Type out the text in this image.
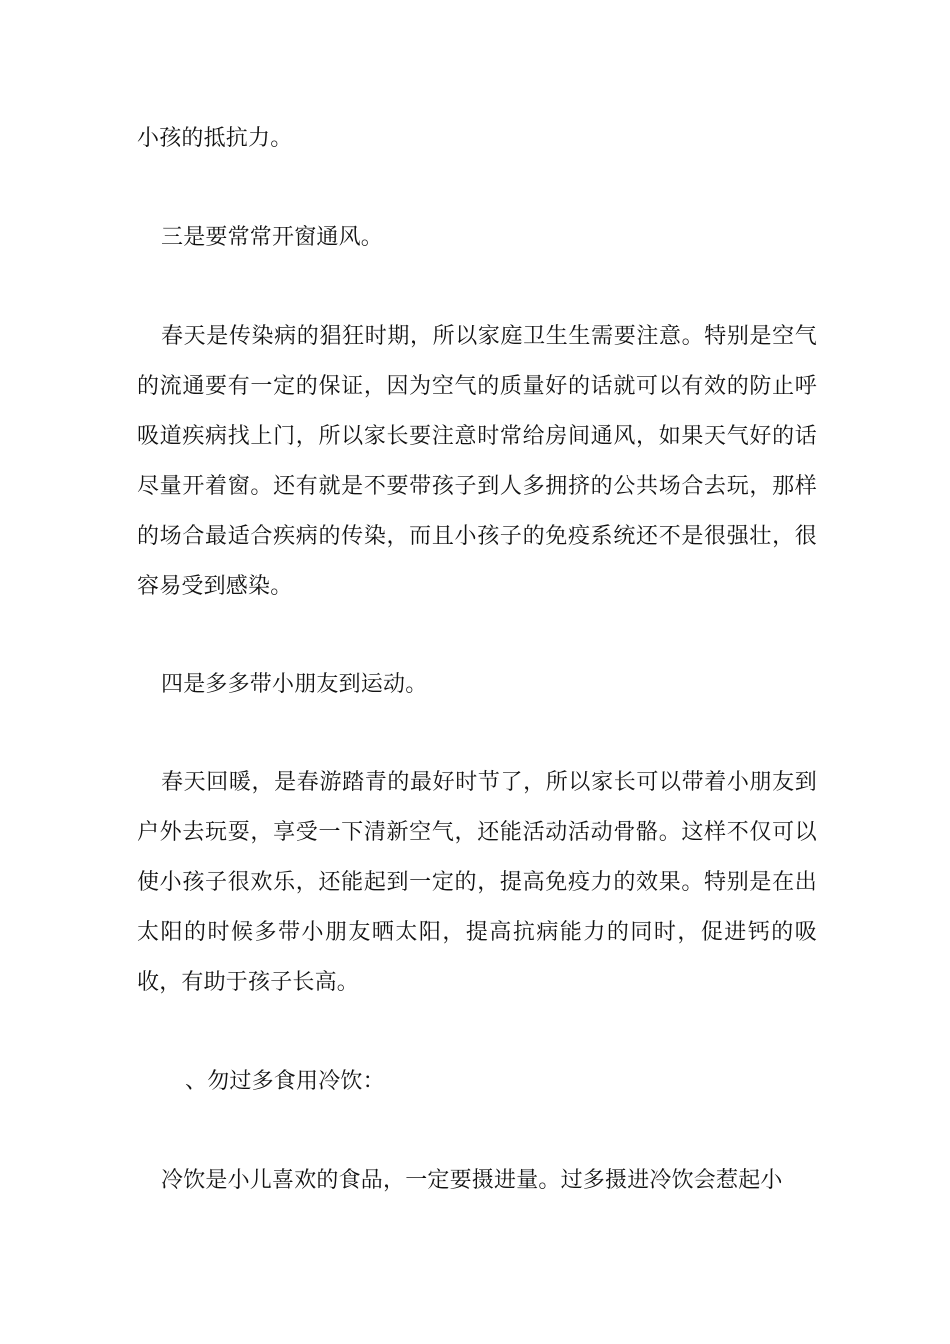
小孩的抵抗力。

三是要常常开窗通风。

春天是传染病的猖狂时期，所以家庭卫生生需要注意。特别是空气的流通要有一定的保证，因为空气的质量好的话就可以有效的防止呼吸道疾病找上门，所以家长要注意时常给房间通风，如果天气好的话尽量开着窗。还有就是不要带孩子到人多拥挤的公共场合去玩，那样的场合最适合疾病的传染，而且小孩子的免疫系统还不是很强壮，很容易受到感染。

四是多多带小朋友到运动。

春天回暖，是春游踏青的最好时节了，所以家长可以带着小朋友到户外去玩耍，享受一下清新空气，还能活动活动骨骼。这样不仅可以使小孩子很欢乐，还能起到一定的，提高免疫力的效果。特别是在出太阳的时候多带小朋友晒太阳，提高抗病能力的同时，促进钙的吸收，有助于孩子长高。

、勿过多食用冷饮：

冷饮是小儿喜欢的食品，一定要摄进量。过多摄进冷饮会惹起小
